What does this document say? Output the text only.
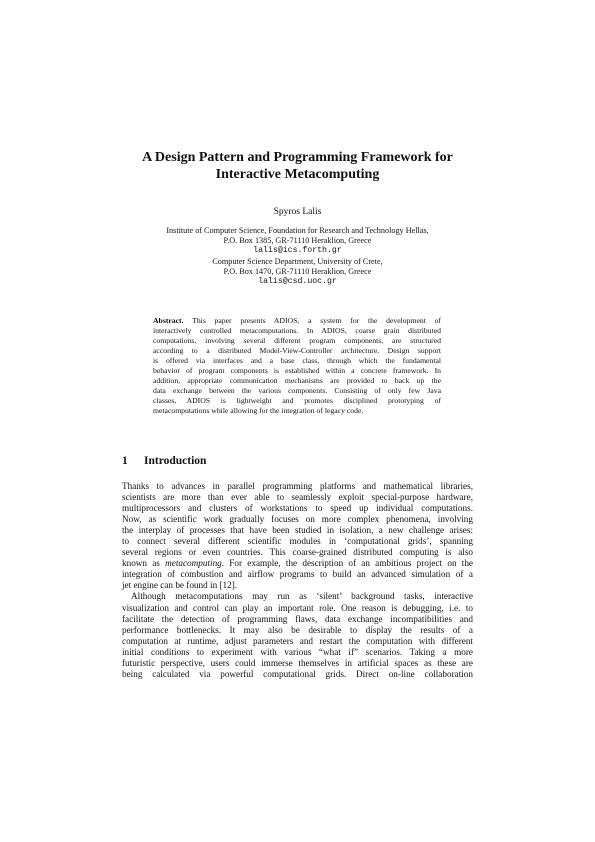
A Design Pattern and Programming Framework for
Interactive Metacomputing
Spyros Lalis
Institute of Computer Science, Foundation for Research and Technology Hellas,
P.O. Box 1385, GR-71110 Heraklion, Greece
lalis@ics.forth.gr
Computer Science Department, University of Crete,
P.O. Box 1470, GR-71110 Heraklion, Greece
lalis@csd.uoc.gr
Abstract. This paper presents ADIOS, a system for the development of
interactively controlled metacomputations. In ADIOS, coarse grain distributed
computations, involving several different program components, are structured
according to a distributed Model-View-Controller architecture. Design support
is offered via interfaces and a base class, through which the fundamental
behavior of program components is established within a concrete framework. In
addition, appropriate communication mechanisms are provided to back up the
data exchange between the various components. Consisting of only few Java
classes, ADIOS is lightweight and promotes disciplined prototyping of
metacomputations while allowing for the integration of legacy code.
1 Introduction
Thanks to advances in parallel programming platforms and mathematical libraries,
scientists are more than ever able to seamlessly exploit special-purpose hardware,
multiprocessors and clusters of workstations to speed up individual computations.
Now, as scientific work gradually focuses on more complex phenomena, involving
the interplay of processes that have been studied in isolation, a new challenge arises:
to connect several different scientific modules in ‘computational grids’, spanning
several regions or even countries. This coarse-grained distributed computing is also
known as metacomputing. For example, the description of an ambitious project on the
integration of combustion and airflow programs to build an advanced simulation of a
jet engine can be found in [12].
Although metacomputations may run as ‘silent’ background tasks, interactive
visualization and control can play an important role. One reason is debugging, i.e. to
facilitate the detection of programming flaws, data exchange incompatibilities and
performance bottlenecks. It may also be desirable to display the results of a
computation at runtime, adjust parameters and restart the computation with different
initial conditions to experiment with various “what if” scenarios. Taking a more
futuristic perspective, users could immerse themselves in artificial spaces as these are
being calculated via powerful computational grids. Direct on-line collaboration
